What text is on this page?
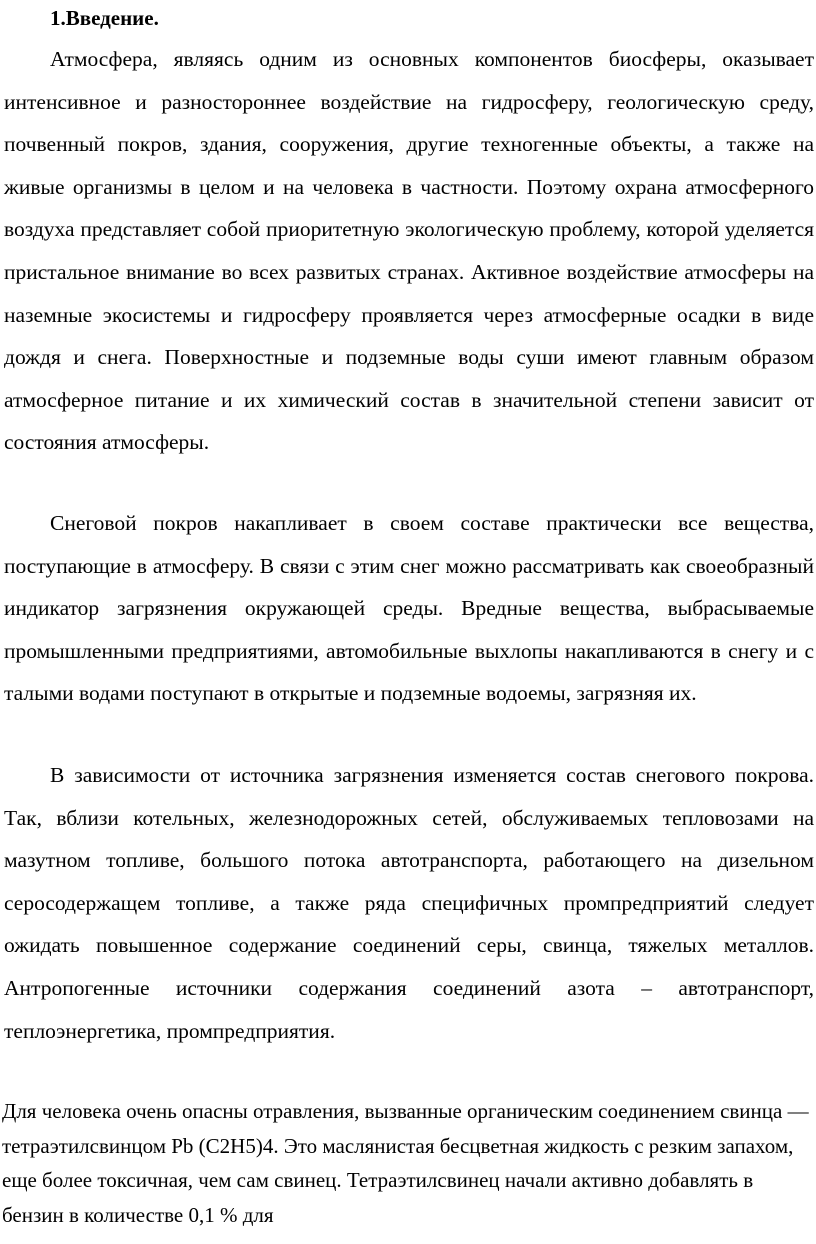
1.Введение.

Атмосфера, являясь одним из основных компонентов биосферы, оказывает интенсивное и разностороннее воздействие на гидросферу, геологическую среду, почвенный покров, здания, сооружения, другие техногенные объекты, а также на живые организмы в целом и на человека в частности. Поэтому охрана атмосферного воздуха представляет собой приоритетную экологическую проблему, которой уделяется пристальное внимание во всех развитых странах. Активное воздействие атмосферы на наземные экосистемы и гидросферу проявляется через атмосферные осадки в виде дождя и снега. Поверхностные и подземные воды суши имеют главным образом атмосферное питание и их химический состав в значительной степени зависит от состояния атмосферы.

Снеговой покров накапливает в своем составе практически все вещества, поступающие в атмосферу. В связи с этим снег можно рассматривать как своеобразный индикатор загрязнения окружающей среды. Вредные вещества, выбрасываемые промышленными предприятиями, автомобильные выхлопы накапливаются в снегу и с талыми водами поступают в открытые и подземные водоемы, загрязняя их.

В зависимости от источника загрязнения изменяется состав снегового покрова. Так, вблизи котельных, железнодорожных сетей, обслуживаемых тепловозами на мазутном топливе, большого потока автотранспорта, работающего на дизельном серосодержащем топливе, а также ряда специфичных промпредприятий следует ожидать повышенное содержание соединений серы, свинца, тяжелых металлов. Антропогенные источники содержания соединений азота – автотранспорт, теплоэнергетика, промпредприятия.

Для человека очень опасны отравления, вызванные органическим соединением свинца — тетраэтилсвинцом Pb (C2H5)4. Это маслянистая бесцветная жидкость с резким запахом, еще более токсичная, чем сам свинец. Тетраэтилсвинец начали активно добавлять в бензин в количестве 0,1 % для
